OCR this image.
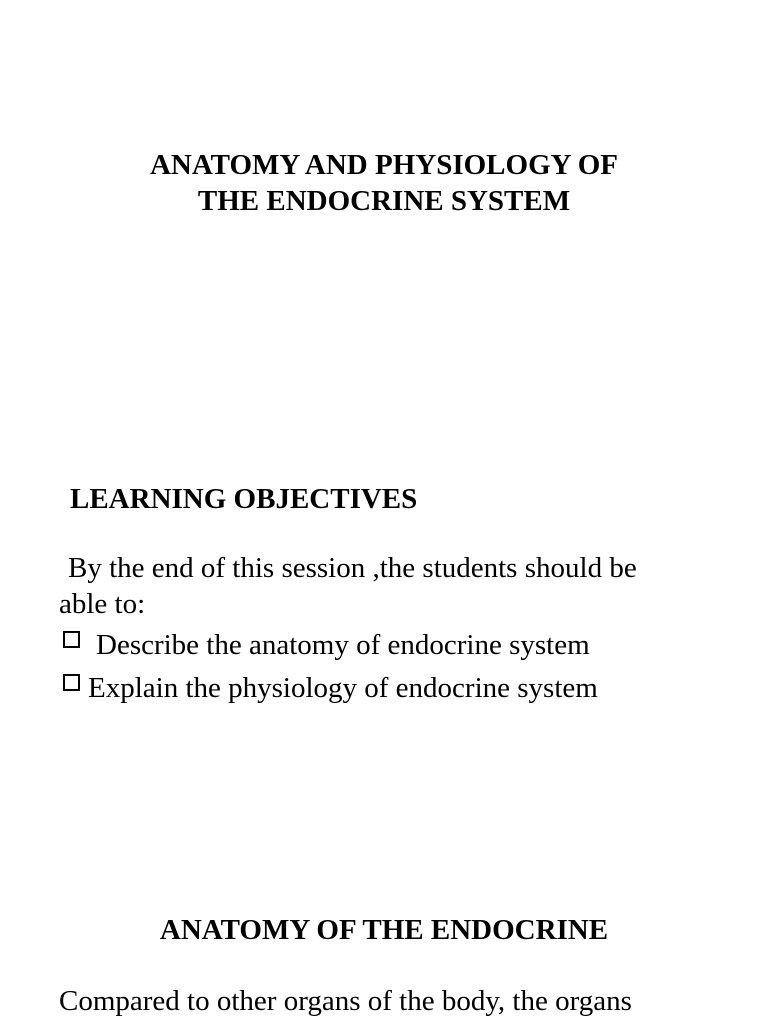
ANATOMY AND PHYSIOLOGY OF
THE ENDOCRINE SYSTEM
LEARNING OBJECTIVES
By the end of this session ,the students should be
able to:
Describe the anatomy of endocrine system
Explain the physiology of endocrine system
ANATOMY OF THE ENDOCRINE
Compared to other organs of the body, the organs
